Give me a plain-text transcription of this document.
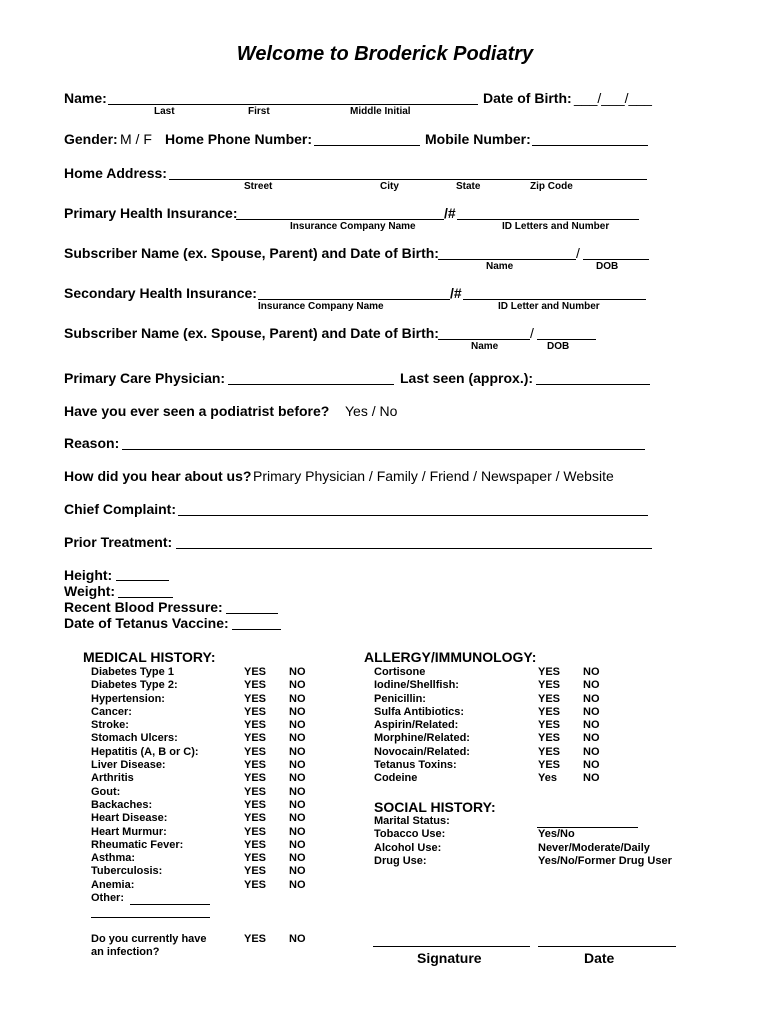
Welcome to Broderick Podiatry
Name:
Last	First	Middle Initial
Date of Birth: ___/___/___
Gender: M / F Home Phone Number:	Mobile Number:
Home Address:
Street	City	State	Zip Code
Primary Health Insurance:	/#
Insurance Company Name	ID Letters and Number
Subscriber Name (ex. Spouse, Parent) and Date of Birth:	/
Name	DOB
Secondary Health Insurance:	/#
Insurance Company Name	ID Letter and Number
Subscriber Name (ex. Spouse, Parent) and Date of Birth:	/
Name	DOB
Primary Care Physician:	Last seen (approx.):
Have you ever seen a podiatrist before? Yes / No
Reason:
How did you hear about us? Primary Physician / Family / Friend / Newspaper / Website
Chief Complaint:
Prior Treatment:
Height:
Weight:
Recent Blood Pressure:
Date of Tetanus Vaccine:
MEDICAL HISTORY:
Diabetes Type 1	YES NO
Diabetes Type 2:	YES NO
Hypertension:	YES NO
Cancer:	YES NO
Stroke:	YES NO
Stomach Ulcers:	YES NO
Hepatitis (A, B or C):	YES NO
Liver Disease:	YES NO
Arthritis	YES NO
Gout:	YES NO
Backaches:	YES NO
Heart Disease:	YES NO
Heart Murmur:	YES NO
Rheumatic Fever:	YES NO
Asthma:	YES NO
Tuberculosis:	YES NO
Anemia:	YES NO
Other:
Do you currently have
an infection?
YES NO
ALLERGY/IMMUNOLOGY:
Cortisone	YES NO
Iodine/Shellfish:	YES NO
Penicillin:	YES NO
Sulfa Antibiotics:	YES NO
Aspirin/Related:	YES NO
Morphine/Related:	YES NO
Novocain/Related:	YES NO
Tetanus Toxins:	YES NO
Codeine	Yes NO
SOCIAL HISTORY:
Marital Status:
Tobacco Use:	Yes/No
Alcohol Use:	Never/Moderate/Daily
Drug Use:	Yes/No/Former Drug User
Signature	Date
